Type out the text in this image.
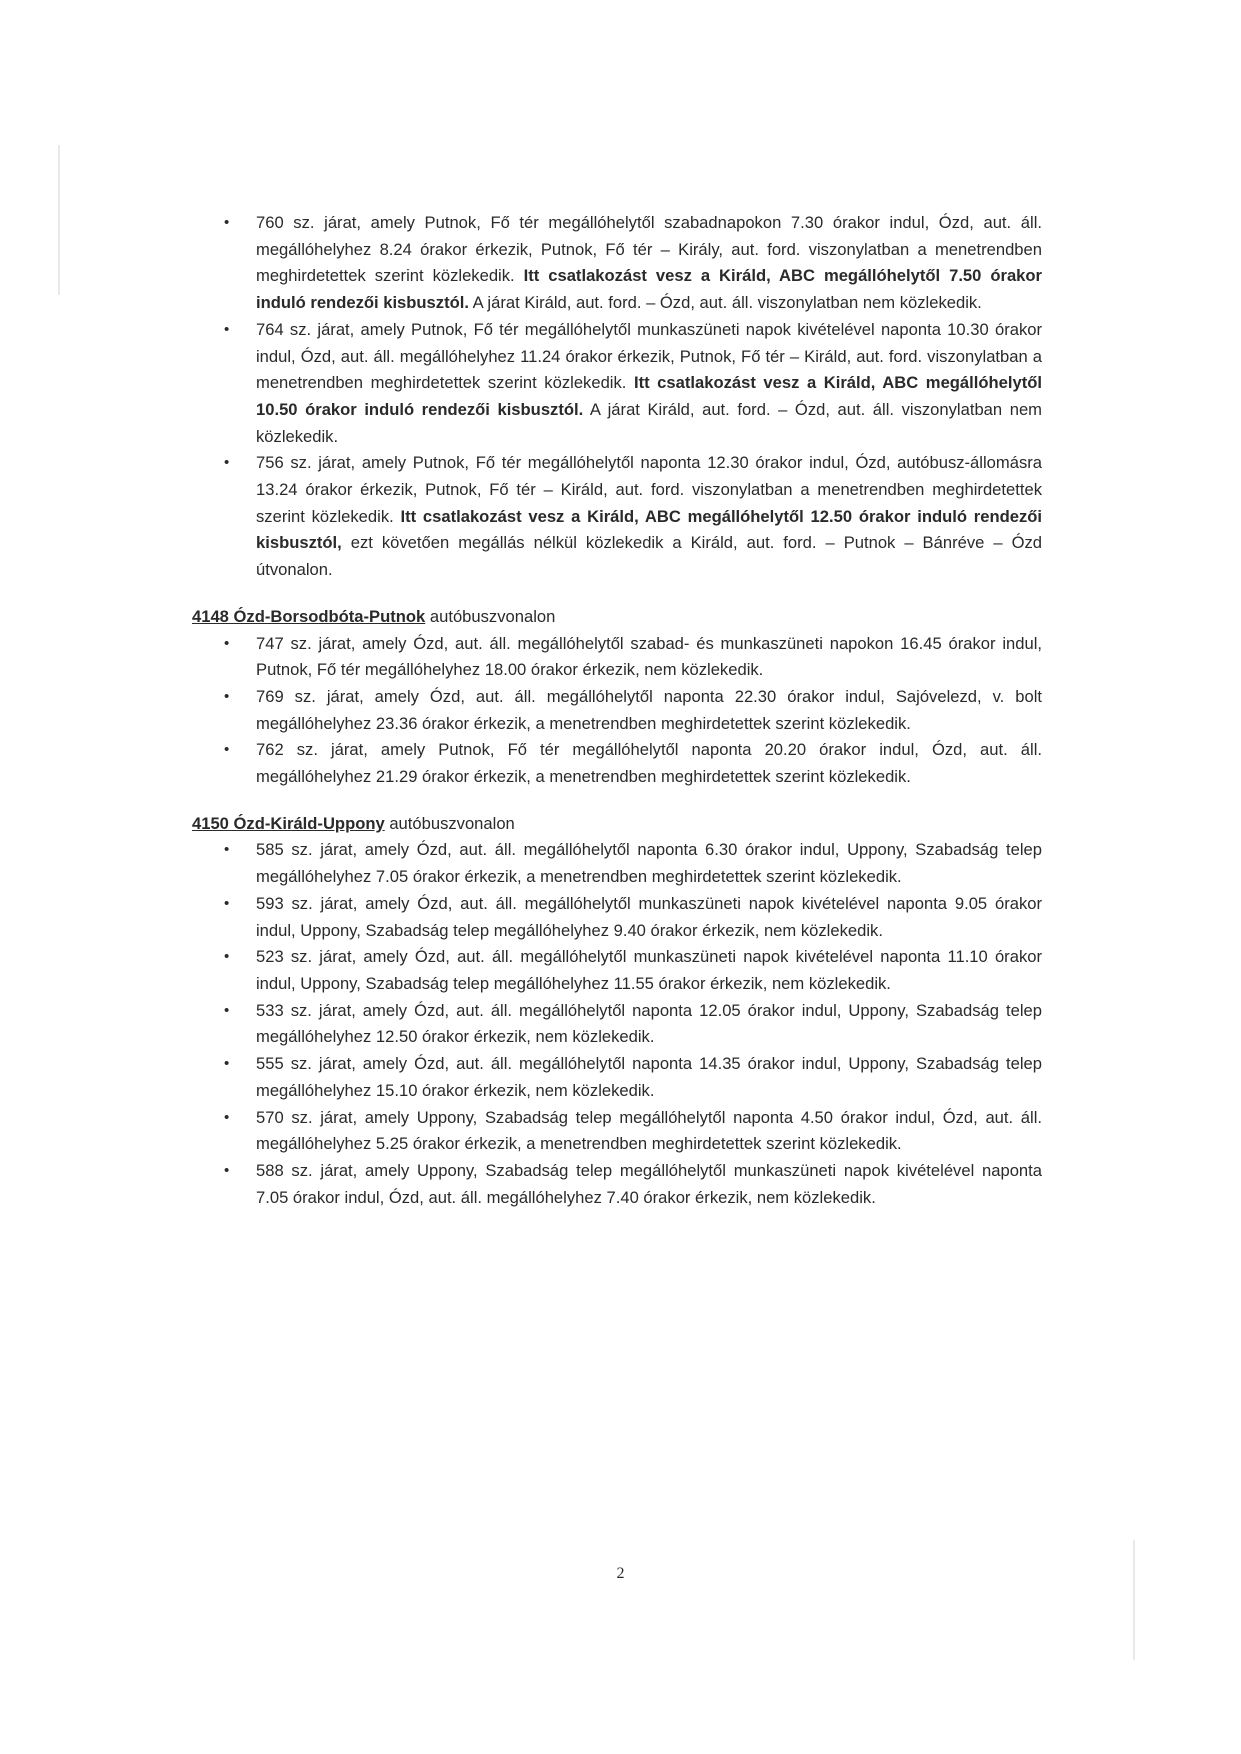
• 760 sz. járat, amely Putnok, Fő tér megállóhelytől szabadnapokon 7.30 órakor indul, Ózd, aut. áll. megállóhelyhez 8.24 órakor érkezik, Putnok, Fő tér – Király, aut. ford. viszonylatban a menetrendben meghirdetettek szerint közlekedik. Itt csatlakozást vesz a Királd, ABC megállóhelytől 7.50 órakor induló rendezői kisbusztól. A járat Királd, aut. ford. – Ózd, aut. áll. viszonylatban nem közlekedik.
• 764 sz. járat, amely Putnok, Fő tér megállóhelytől munkaszüneti napok kivételével naponta 10.30 órakor indul, Ózd, aut. áll. megállóhelyhez 11.24 órakor érkezik, Putnok, Fő tér – Királd, aut. ford. viszonylatban a menetrendben meghirdetettek szerint közlekedik. Itt csatlakozást vesz a Királd, ABC megállóhelytől 10.50 órakor induló rendezői kisbusztól. A járat Királd, aut. ford. – Ózd, aut. áll. viszonylatban nem közlekedik.
• 756 sz. járat, amely Putnok, Fő tér megállóhelytől naponta 12.30 órakor indul, Ózd, autóbusz-állomásra 13.24 órakor érkezik, Putnok, Fő tér – Királd, aut. ford. viszonylatban a menetrendben meghirdetettek szerint közlekedik. Itt csatlakozást vesz a Királd, ABC megállóhelytől 12.50 órakor induló rendezői kisbusztól, ezt követően megállás nélkül közlekedik a Királd, aut. ford. – Putnok – Bánréve – Ózd útvonalon.
4148 Ózd-Borsodbóta-Putnok autóbuszvonalon
• 747 sz. járat, amely Ózd, aut. áll. megállóhelytől szabad- és munkaszüneti napokon 16.45 órakor indul, Putnok, Fő tér megállóhelyhez 18.00 órakor érkezik, nem közlekedik.
• 769 sz. járat, amely Ózd, aut. áll. megállóhelytől naponta 22.30 órakor indul, Sajóvelezd, v. bolt megállóhelyhez 23.36 órakor érkezik, a menetrendben meghirdetettek szerint közlekedik.
• 762 sz. járat, amely Putnok, Fő tér megállóhelytől naponta 20.20 órakor indul, Ózd, aut. áll. megállóhelyhez 21.29 órakor érkezik, a menetrendben meghirdetettek szerint közlekedik.
4150 Ózd-Királd-Uppony autóbuszvonalon
• 585 sz. járat, amely Ózd, aut. áll. megállóhelytől naponta 6.30 órakor indul, Uppony, Szabadság telep megállóhelyhez 7.05 órakor érkezik, a menetrendben meghirdetettek szerint közlekedik.
• 593 sz. járat, amely Ózd, aut. áll. megállóhelytől munkaszüneti napok kivételével naponta 9.05 órakor indul, Uppony, Szabadság telep megállóhelyhez 9.40 órakor érkezik, nem közlekedik.
• 523 sz. járat, amely Ózd, aut. áll. megállóhelytől munkaszüneti napok kivételével naponta 11.10 órakor indul, Uppony, Szabadság telep megállóhelyhez 11.55 órakor érkezik, nem közlekedik.
• 533 sz. járat, amely Ózd, aut. áll. megállóhelytől naponta 12.05 órakor indul, Uppony, Szabadság telep megállóhelyhez 12.50 órakor érkezik, nem közlekedik.
• 555 sz. járat, amely Ózd, aut. áll. megállóhelytől naponta 14.35 órakor indul, Uppony, Szabadság telep megállóhelyhez 15.10 órakor érkezik, nem közlekedik.
• 570 sz. járat, amely Uppony, Szabadság telep megállóhelytől naponta 4.50 órakor indul, Ózd, aut. áll. megállóhelyhez 5.25 órakor érkezik, a menetrendben meghirdetettek szerint közlekedik.
• 588 sz. járat, amely Uppony, Szabadság telep megállóhelytől munkaszüneti napok kivételével naponta 7.05 órakor indul, Ózd, aut. áll. megállóhelyhez 7.40 órakor érkezik, nem közlekedik.
2
